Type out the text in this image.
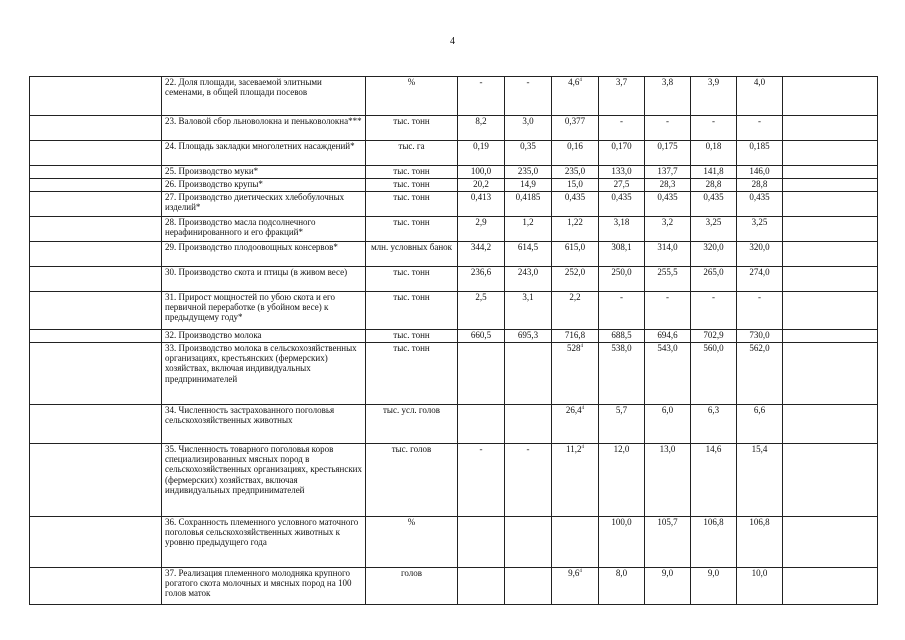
4
	22. Доля площади, засеваемой элитными семенами, в общей площади посевов	%	-	-	$4,6^4$	3,7	3,8	3,9	4,0	
	23. Валовой сбор льноволокна и пеньковолокна***	тыс. тонн	8,2	3,0	0,377	-	-	-	-	
	24. Площадь закладки многолетних насаждений*	тыс. га	0,19	0,35	0,16	0,170	0,175	0,18	0,185	
	25. Производство муки*	тыс. тонн	100,0	235,0	235,0	133,0	137,7	141,8	146,0	
	26. Производство крупы*	тыс. тонн	20,2	14,9	15,0	27,5	28,3	28,8	28,8	
	27. Производство диетических хлебобулочных изделий*	тыс. тонн	0,413	0,4185	0,435	0,435	0,435	0,435	0,435	
	28. Производство масла подсолнечного нерафинированного и его фракций*	тыс. тонн	2,9	1,2	1,22	3,18	3,2	3,25	3,25	
	29. Производство плодоовощных консервов*	млн. условных банок	344,2	614,5	615,0	308,1	314,0	320,0	320,0	
	30. Производство скота и птицы (в живом весе)	тыс. тонн	236,6	243,0	252,0	250,0	255,5	265,0	274,0	
	31. Прирост мощностей по убою скота и его первичной переработке (в убойном весе) к предыдущему году*	тыс. тонн	2,5	3,1	2,2	-	-	-	-	
	32. Производство молока	тыс. тонн	660,5	695,3	716,8	688,5	694,6	702,9	730,0	
	33. Производство молока в сельскохозяйственных организациях, крестьянских (фермерских) хозяйствах, включая индивидуальных предпринимателей	тыс. тонн			$528^4$	538,0	543,0	560,0	562,0	
	34. Численность застрахованного поголовья сельскохозяйственных животных	тыс. усл. голов			26,4$^4$	5,7	6,0	6,3	6,6	
	35. Численность товарного поголовья коров специализированных мясных пород в сельскохозяйственных организациях, крестьянских (фермерских) хозяйствах, включая индивидуальных предпринимателей	тыс. голов	-	-	11,2$^4$	12,0	13,0	14,6	15,4	
	36. Сохранность племенного условного маточного поголовья сельскохозяйственных животных к уровню предыдущего года	%				100,0	105,7	106,8	106,8	
	37. Реализация племенного молодняка крупного рогатого скота молочных и мясных пород на 100 голов маток	голов			$9,6^4$	8,0	9,0	9,0	10,0	
